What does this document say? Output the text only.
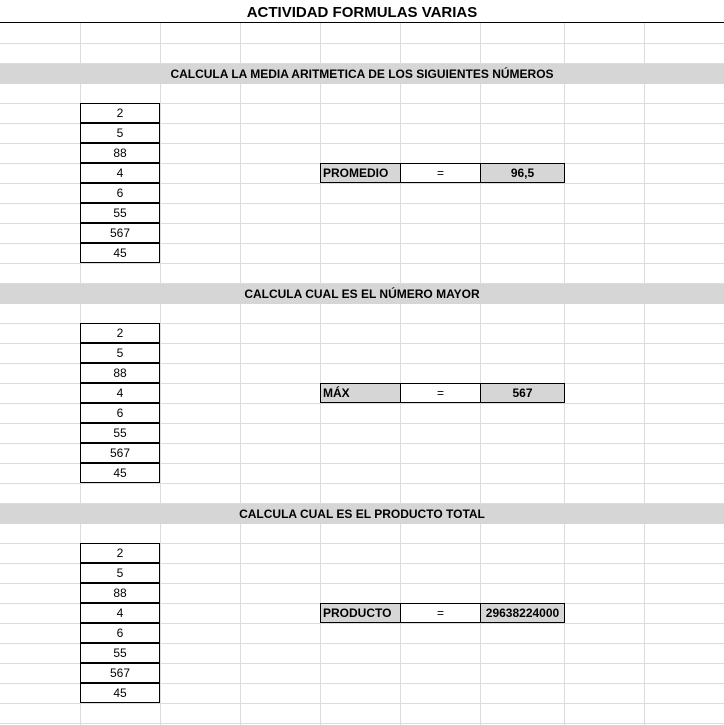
ACTIVIDAD FORMULAS VARIAS
CALCULA LA MEDIA ARITMETICA DE LOS SIGUIENTES NÚMEROS
2
5
88
4
6
55
567
45
PROMEDIO	=	96,5
CALCULA CUAL ES EL NÚMERO MAYOR
2
5
88
4
6
55
567
45
MÁX	=	567
CALCULA CUAL ES EL PRODUCTO TOTAL
2
5
88
4
6
55
567
45
PRODUCTO	=	29638224000
